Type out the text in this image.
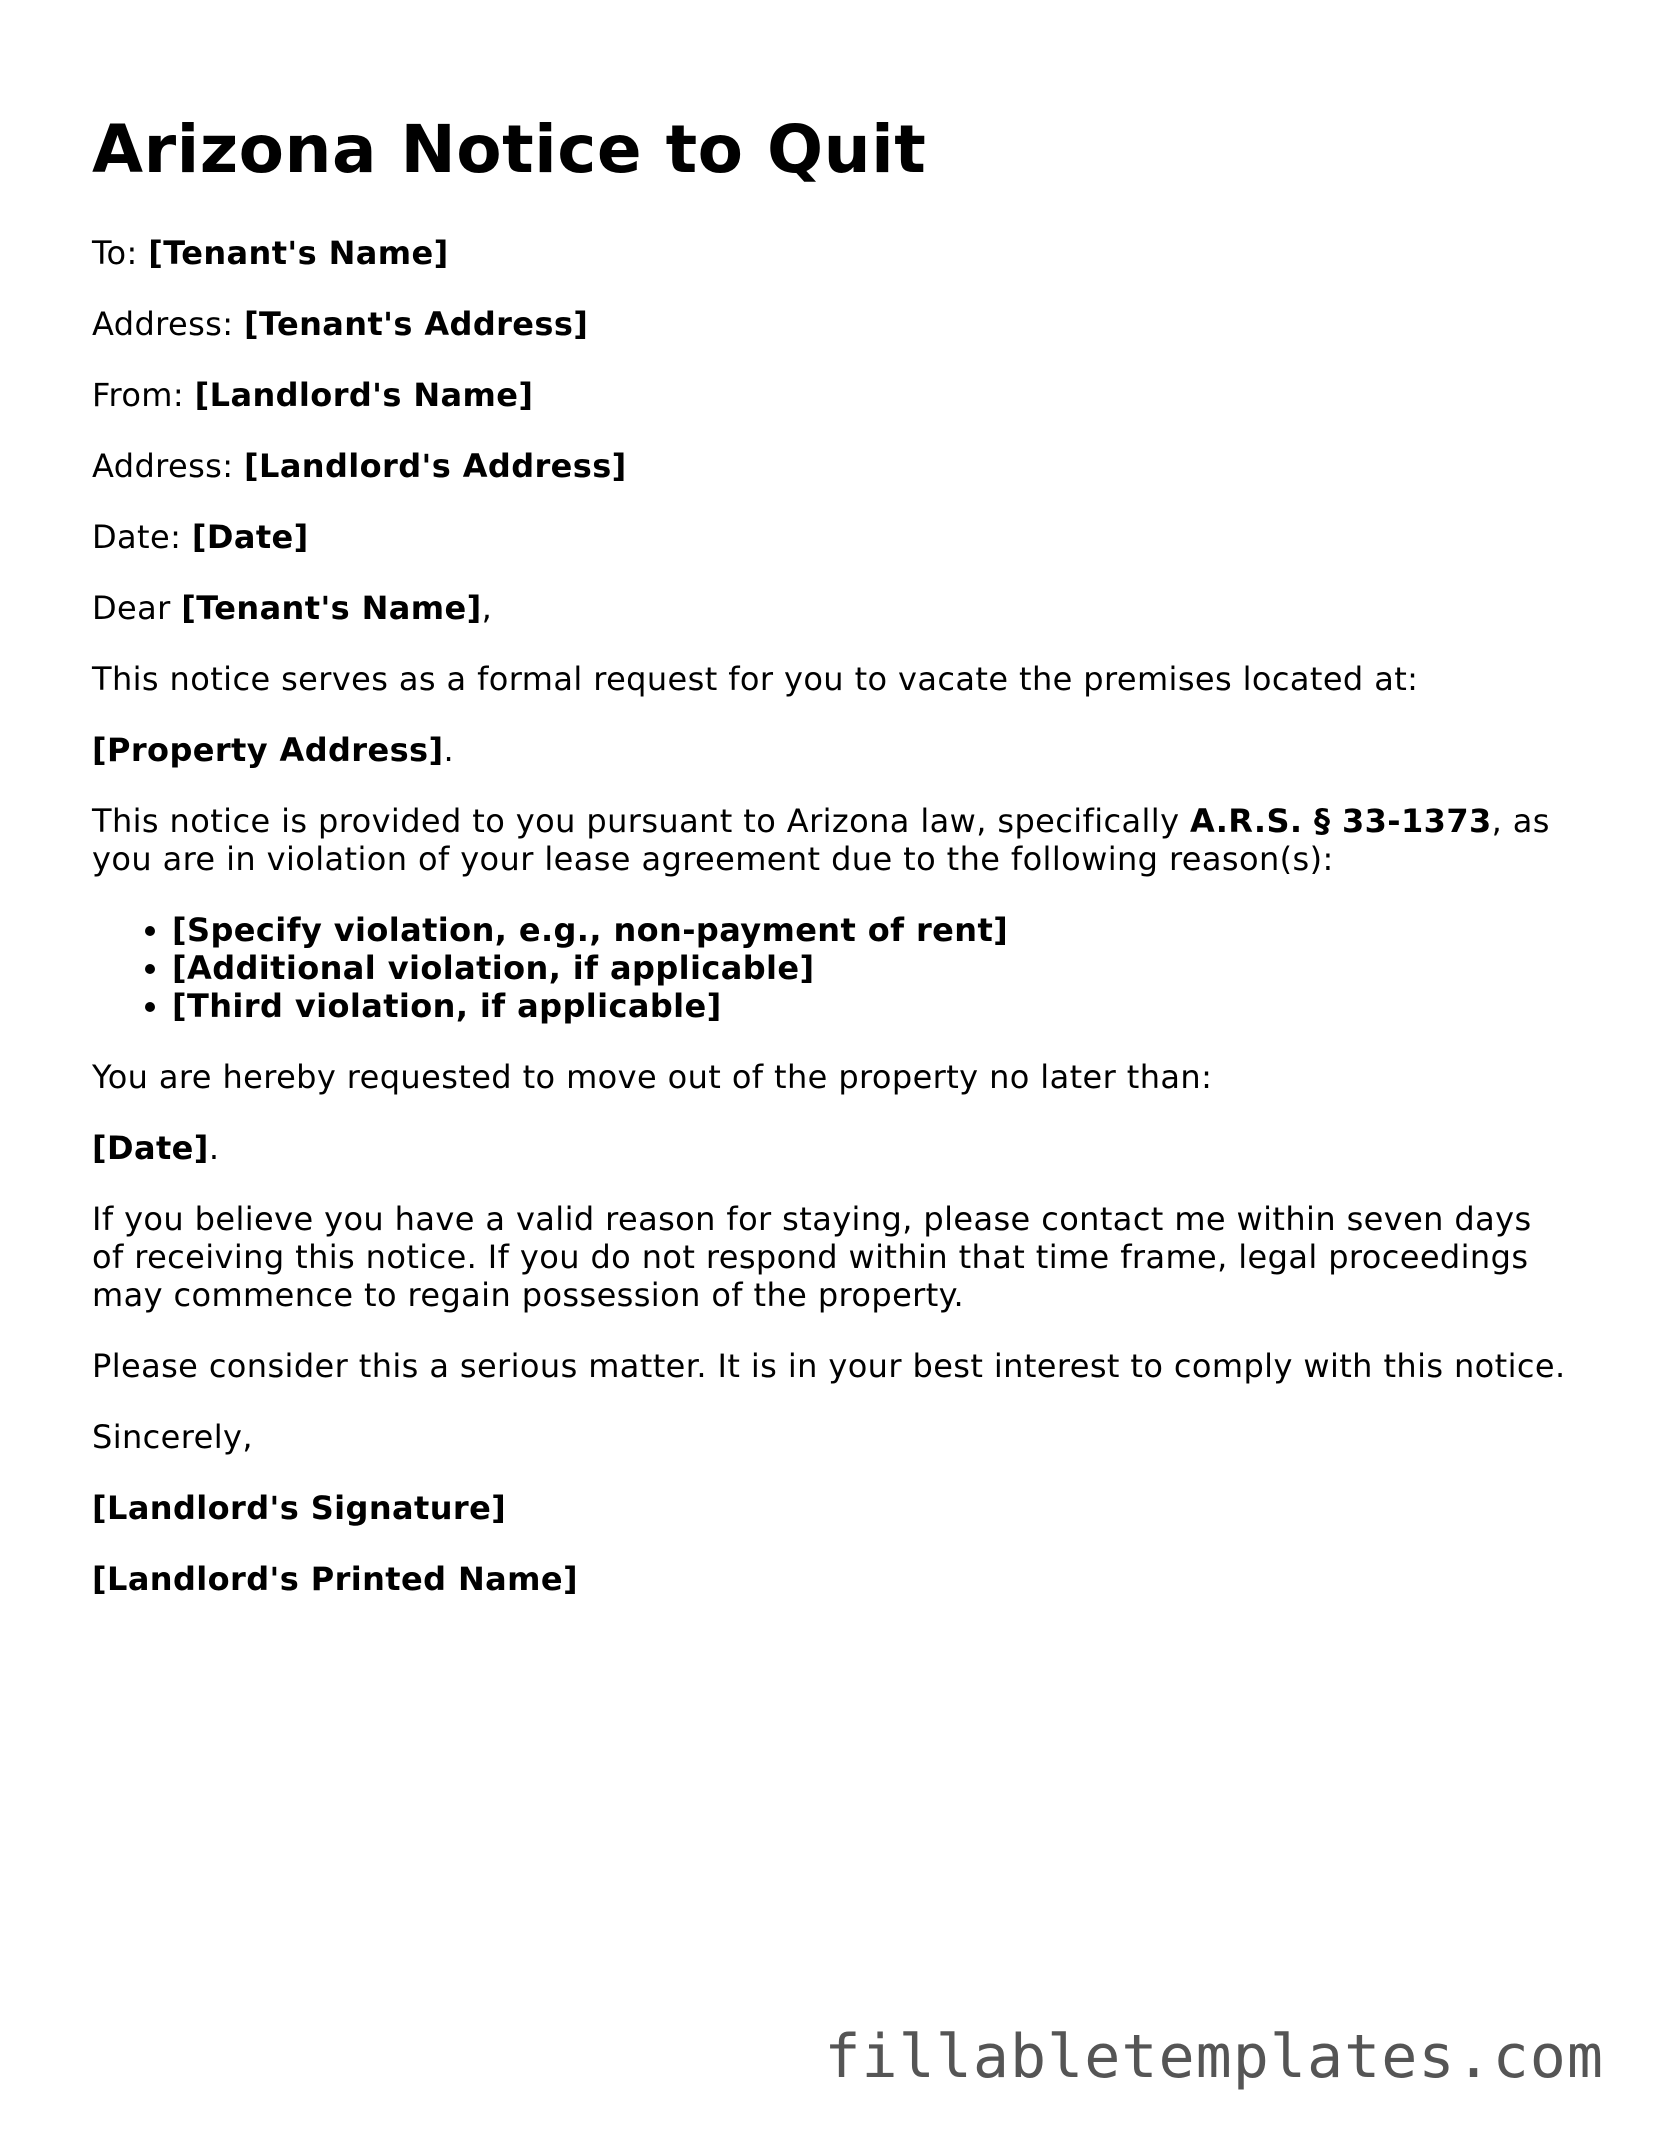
Arizona Notice to Quit

To: [Tenant's Name]

Address: [Tenant's Address]

From: [Landlord's Name]

Address: [Landlord's Address]

Date: [Date]

Dear [Tenant's Name],

This notice serves as a formal request for you to vacate the premises located at:

[Property Address].

This notice is provided to you pursuant to Arizona law, specifically A.R.S. § 33-1373, as you are in violation of your lease agreement due to the following reason(s):

• [Specify violation, e.g., non-payment of rent]
• [Additional violation, if applicable]
• [Third violation, if applicable]

You are hereby requested to move out of the property no later than:

[Date].

If you believe you have a valid reason for staying, please contact me within seven days of receiving this notice. If you do not respond within that time frame, legal proceedings may commence to regain possession of the property.

Please consider this a serious matter. It is in your best interest to comply with this notice.

Sincerely,

[Landlord's Signature]

[Landlord's Printed Name]

fillabletemplates.com
